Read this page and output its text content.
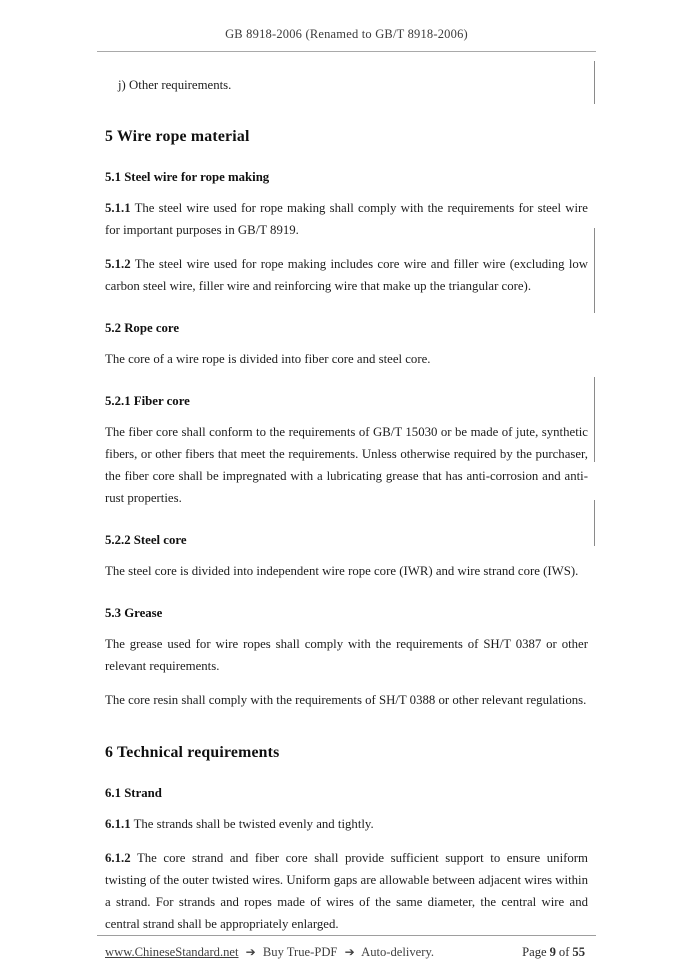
GB 8918-2006 (Renamed to GB/T 8918-2006)
j) Other requirements.
5 Wire rope material
5.1 Steel wire for rope making

5.1.1 The steel wire used for rope making shall comply with the requirements for steel wire for important purposes in GB/T 8919.

5.1.2 The steel wire used for rope making includes core wire and filler wire (excluding low carbon steel wire, filler wire and reinforcing wire that make up the triangular core).

5.2 Rope core

The core of a wire rope is divided into fiber core and steel core.

5.2.1 Fiber core

The fiber core shall conform to the requirements of GB/T 15030 or be made of jute, synthetic fibers, or other fibers that meet the requirements. Unless otherwise required by the purchaser, the fiber core shall be impregnated with a lubricating grease that has anti-corrosion and anti-rust properties.

5.2.2 Steel core

The steel core is divided into independent wire rope core (IWR) and wire strand core (IWS).

5.3 Grease

The grease used for wire ropes shall comply with the requirements of SH/T 0387 or other relevant requirements.

The core resin shall comply with the requirements of SH/T 0388 or other relevant regulations.

6 Technical requirements
6.1 Strand

6.1.1 The strands shall be twisted evenly and tightly.

6.1.2 The core strand and fiber core shall provide sufficient support to ensure uniform twisting of the outer twisted wires. Uniform gaps are allowable between adjacent wires within a strand. For strands and ropes made of wires of the same diameter, the central wire and central strand shall be appropriately enlarged.

www.ChineseStandard.net ➔ Buy True-PDF ➔ Auto-delivery.	Page 9 of 55
